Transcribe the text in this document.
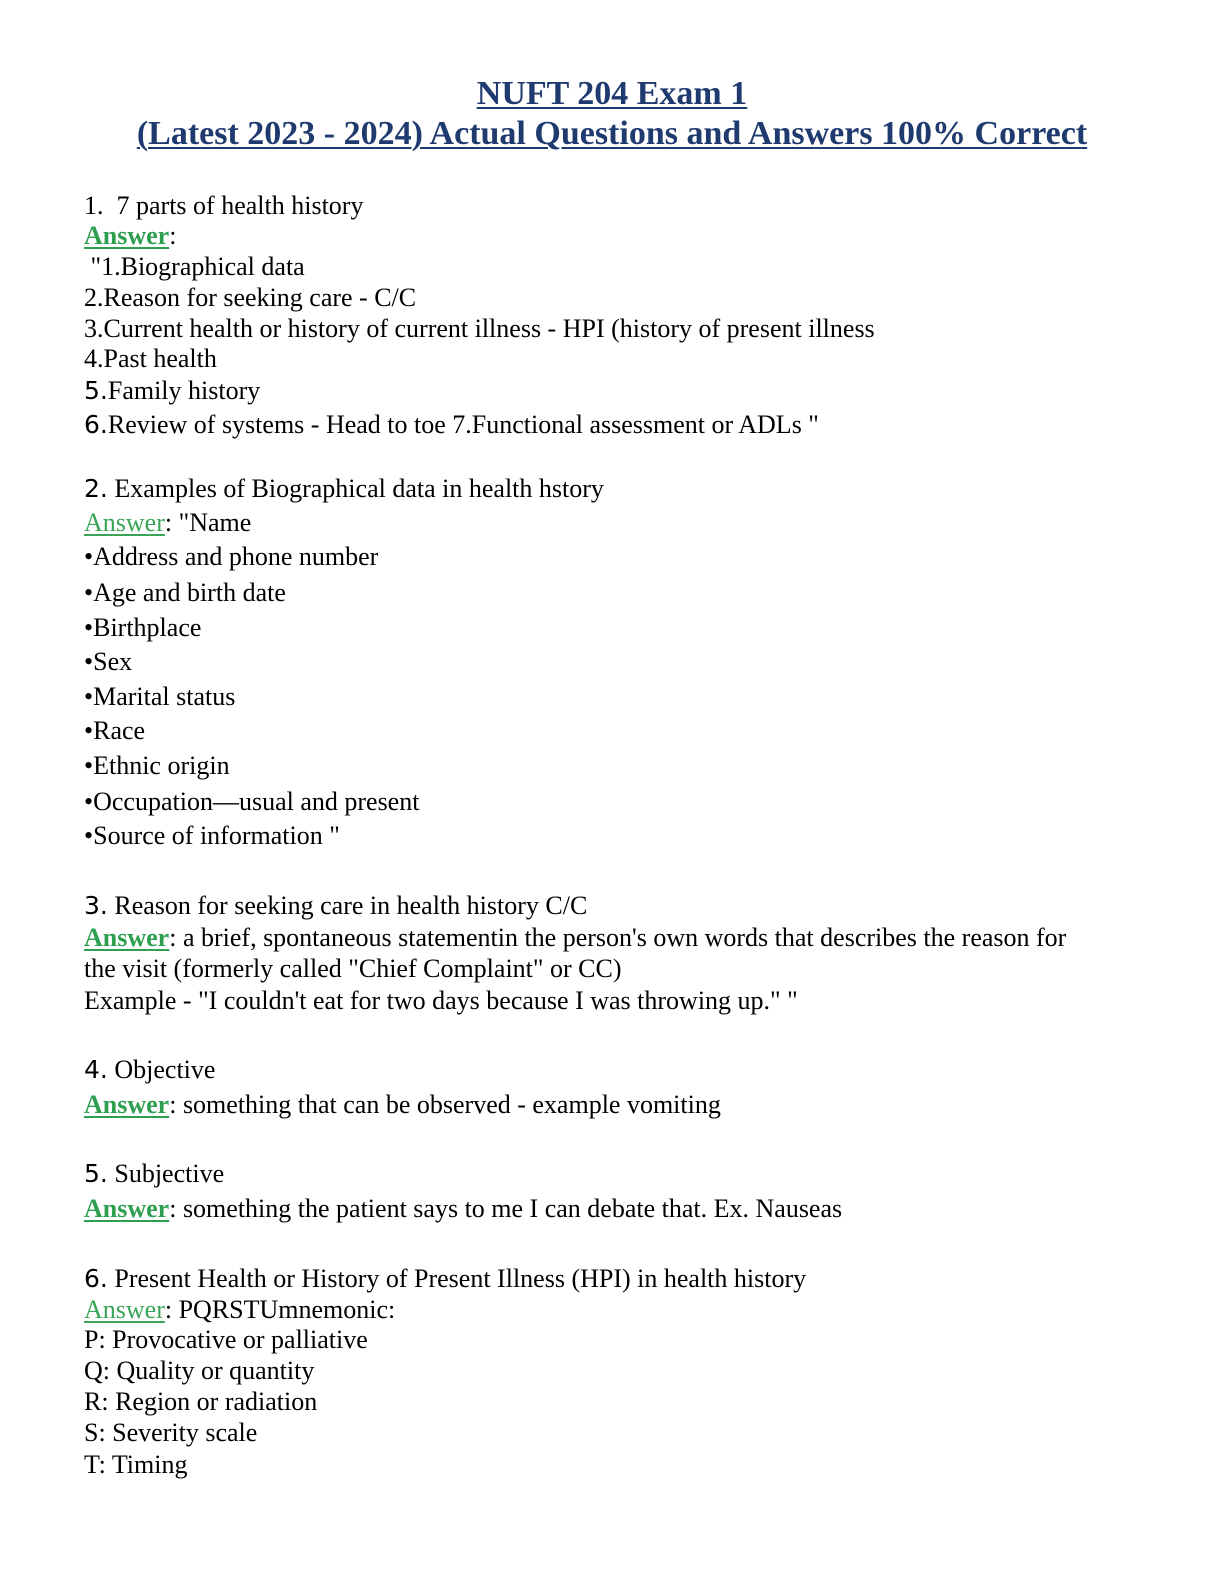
NUFT 204 Exam 1
(Latest 2023 - 2024) Actual Questions and Answers 100% Correct

1.  7 parts of health history

Answer:

"1.Biographical data

2.Reason for seeking care - C/C

3.Current health or history of current illness - HPI (history of present illness

4.Past health

5.Family history

6.Review of systems - Head to toe 7.Functional assessment or ADLs "

2. Examples of Biographical data in health hstory

Answer: "Name

•Address and phone number

•Age and birth date

•Birthplace

•Sex

•Marital status

•Race

•Ethnic origin

•Occupation—usual and present

•Source of information "

3. Reason for seeking care in health history C/C

Answer: a brief, spontaneous statementin the person's own words that describes the reason for

the visit (formerly called "Chief Complaint" or CC)

Example - "I couldn't eat for two days because I was throwing up." "

4. Objective

Answer: something that can be observed - example vomiting

5. Subjective

Answer: something the patient says to me I can debate that. Ex. Nauseas

6. Present Health or History of Present Illness (HPI) in health history

Answer: PQRSTUmnemonic:

P: Provocative or palliative

Q: Quality or quantity

R: Region or radiation

S: Severity scale

T: Timing
